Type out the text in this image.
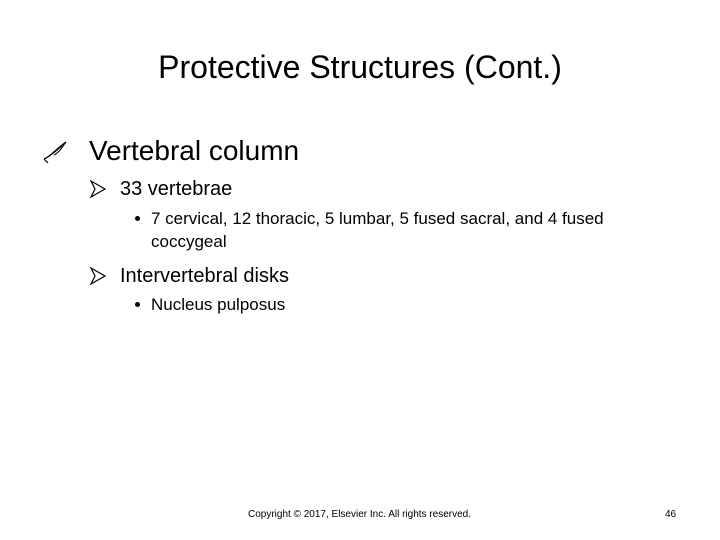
Protective Structures (Cont.)
Vertebral column
33 vertebrae
7 cervical, 12 thoracic, 5 lumbar, 5 fused sacral, and 4 fused coccygeal
Intervertebral disks
Nucleus pulposus
Copyright © 2017, Elsevier Inc. All rights reserved.	46
